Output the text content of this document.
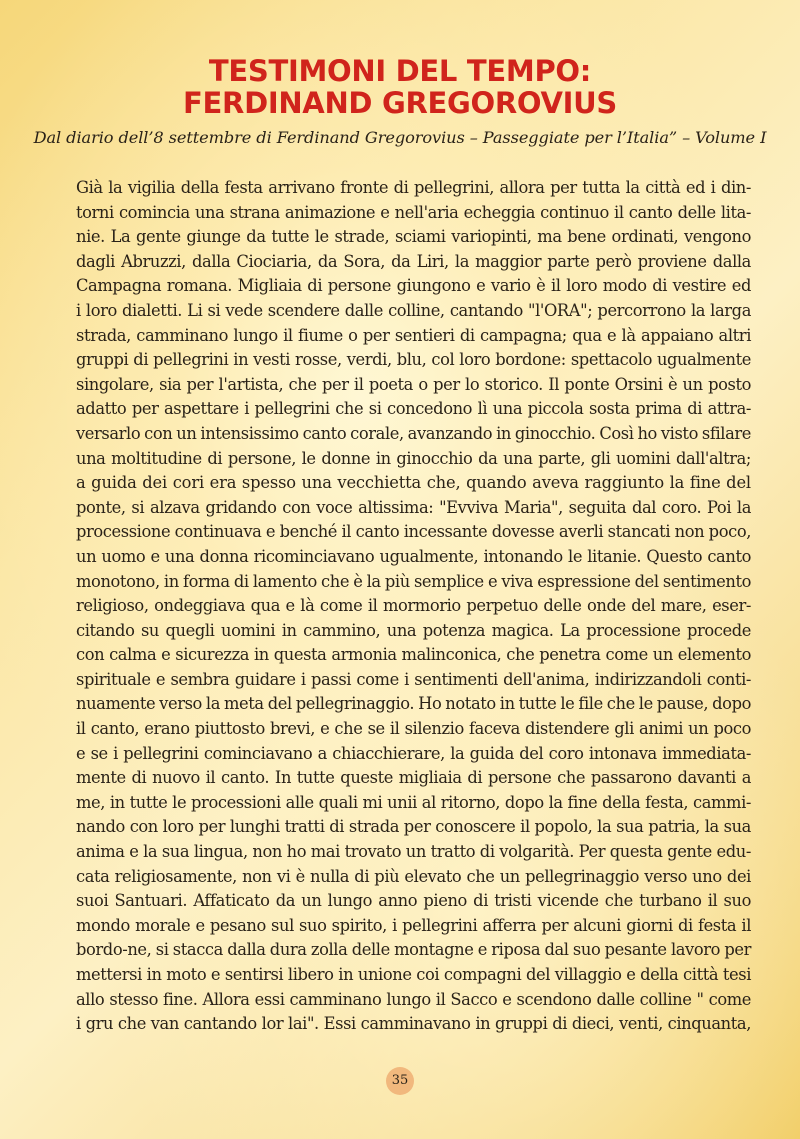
TESTIMONI DEL TEMPO:
FERDINAND GREGOROVIUS
Dal diario dell’8 settembre di Ferdinand Gregorovius – Passeggiate per l’Italia” – Volume I
Già la vigilia della festa arrivano fronte di pellegrini, allora per tutta la città ed i din-
torni comincia una strana animazione e nell'aria echeggia continuo il canto delle lita-
nie. La gente giunge da tutte le strade, sciami variopinti, ma bene ordinati, vengono
dagli Abruzzi, dalla Ciociaria, da Sora, da Liri, la maggior parte però proviene dalla
Campagna romana. Migliaia di persone giungono e vario è il loro modo di vestire ed
i loro dialetti. Li si vede scendere dalle colline, cantando "l'ORA"; percorrono la larga
strada, camminano lungo il fiume o per sentieri di campagna; qua e là appaiano altri
gruppi di pellegrini in vesti rosse, verdi, blu, col loro bordone: spettacolo ugualmente
singolare, sia per l'artista, che per il poeta o per lo storico. Il ponte Orsini è un posto
adatto per aspettare i pellegrini che si concedono lì una piccola sosta prima di attra-
versarlo con un intensissimo canto corale, avanzando in ginocchio. Così ho visto sfilare
una moltitudine di persone, le donne in ginocchio da una parte, gli uomini dall'altra;
a guida dei cori era spesso una vecchietta che, quando aveva raggiunto la fine del
ponte, si alzava gridando con voce altissima: "Evviva Maria", seguita dal coro. Poi la
processione continuava e benché il canto incessante dovesse averli stancati non poco,
un uomo e una donna ricominciavano ugualmente, intonando le litanie. Questo canto
monotono, in forma di lamento che è la più semplice e viva espressione del sentimento
religioso, ondeggiava qua e là come il mormorio perpetuo delle onde del mare, eser-
citando su quegli uomini in cammino, una potenza magica. La processione procede
con calma e sicurezza in questa armonia malinconica, che penetra come un elemento
spirituale e sembra guidare i passi come i sentimenti dell'anima, indirizzandoli conti-
nuamente verso la meta del pellegrinaggio. Ho notato in tutte le file che le pause, dopo
il canto, erano piuttosto brevi, e che se il silenzio faceva distendere gli animi un poco
e se i pellegrini cominciavano a chiacchierare, la guida del coro intonava immediata-
mente di nuovo il canto. In tutte queste migliaia di persone che passarono davanti a
me, in tutte le processioni alle quali mi unii al ritorno, dopo la fine della festa, cammi-
nando con loro per lunghi tratti di strada per conoscere il popolo, la sua patria, la sua
anima e la sua lingua, non ho mai trovato un tratto di volgarità. Per questa gente edu-
cata religiosamente, non vi è nulla di più elevato che un pellegrinaggio verso uno dei
suoi Santuari. Affaticato da un lungo anno pieno di tristi vicende che turbano il suo
mondo morale e pesano sul suo spirito, i pellegrini afferra per alcuni giorni di festa il
bordo-ne, si stacca dalla dura zolla delle montagne e riposa dal suo pesante lavoro per
mettersi in moto e sentirsi libero in unione coi compagni del villaggio e della città tesi
allo stesso fine. Allora essi camminano lungo il Sacco e scendono dalle colline " come
i gru che van cantando lor lai". Essi camminavano in gruppi di dieci, venti, cinquanta,
35
